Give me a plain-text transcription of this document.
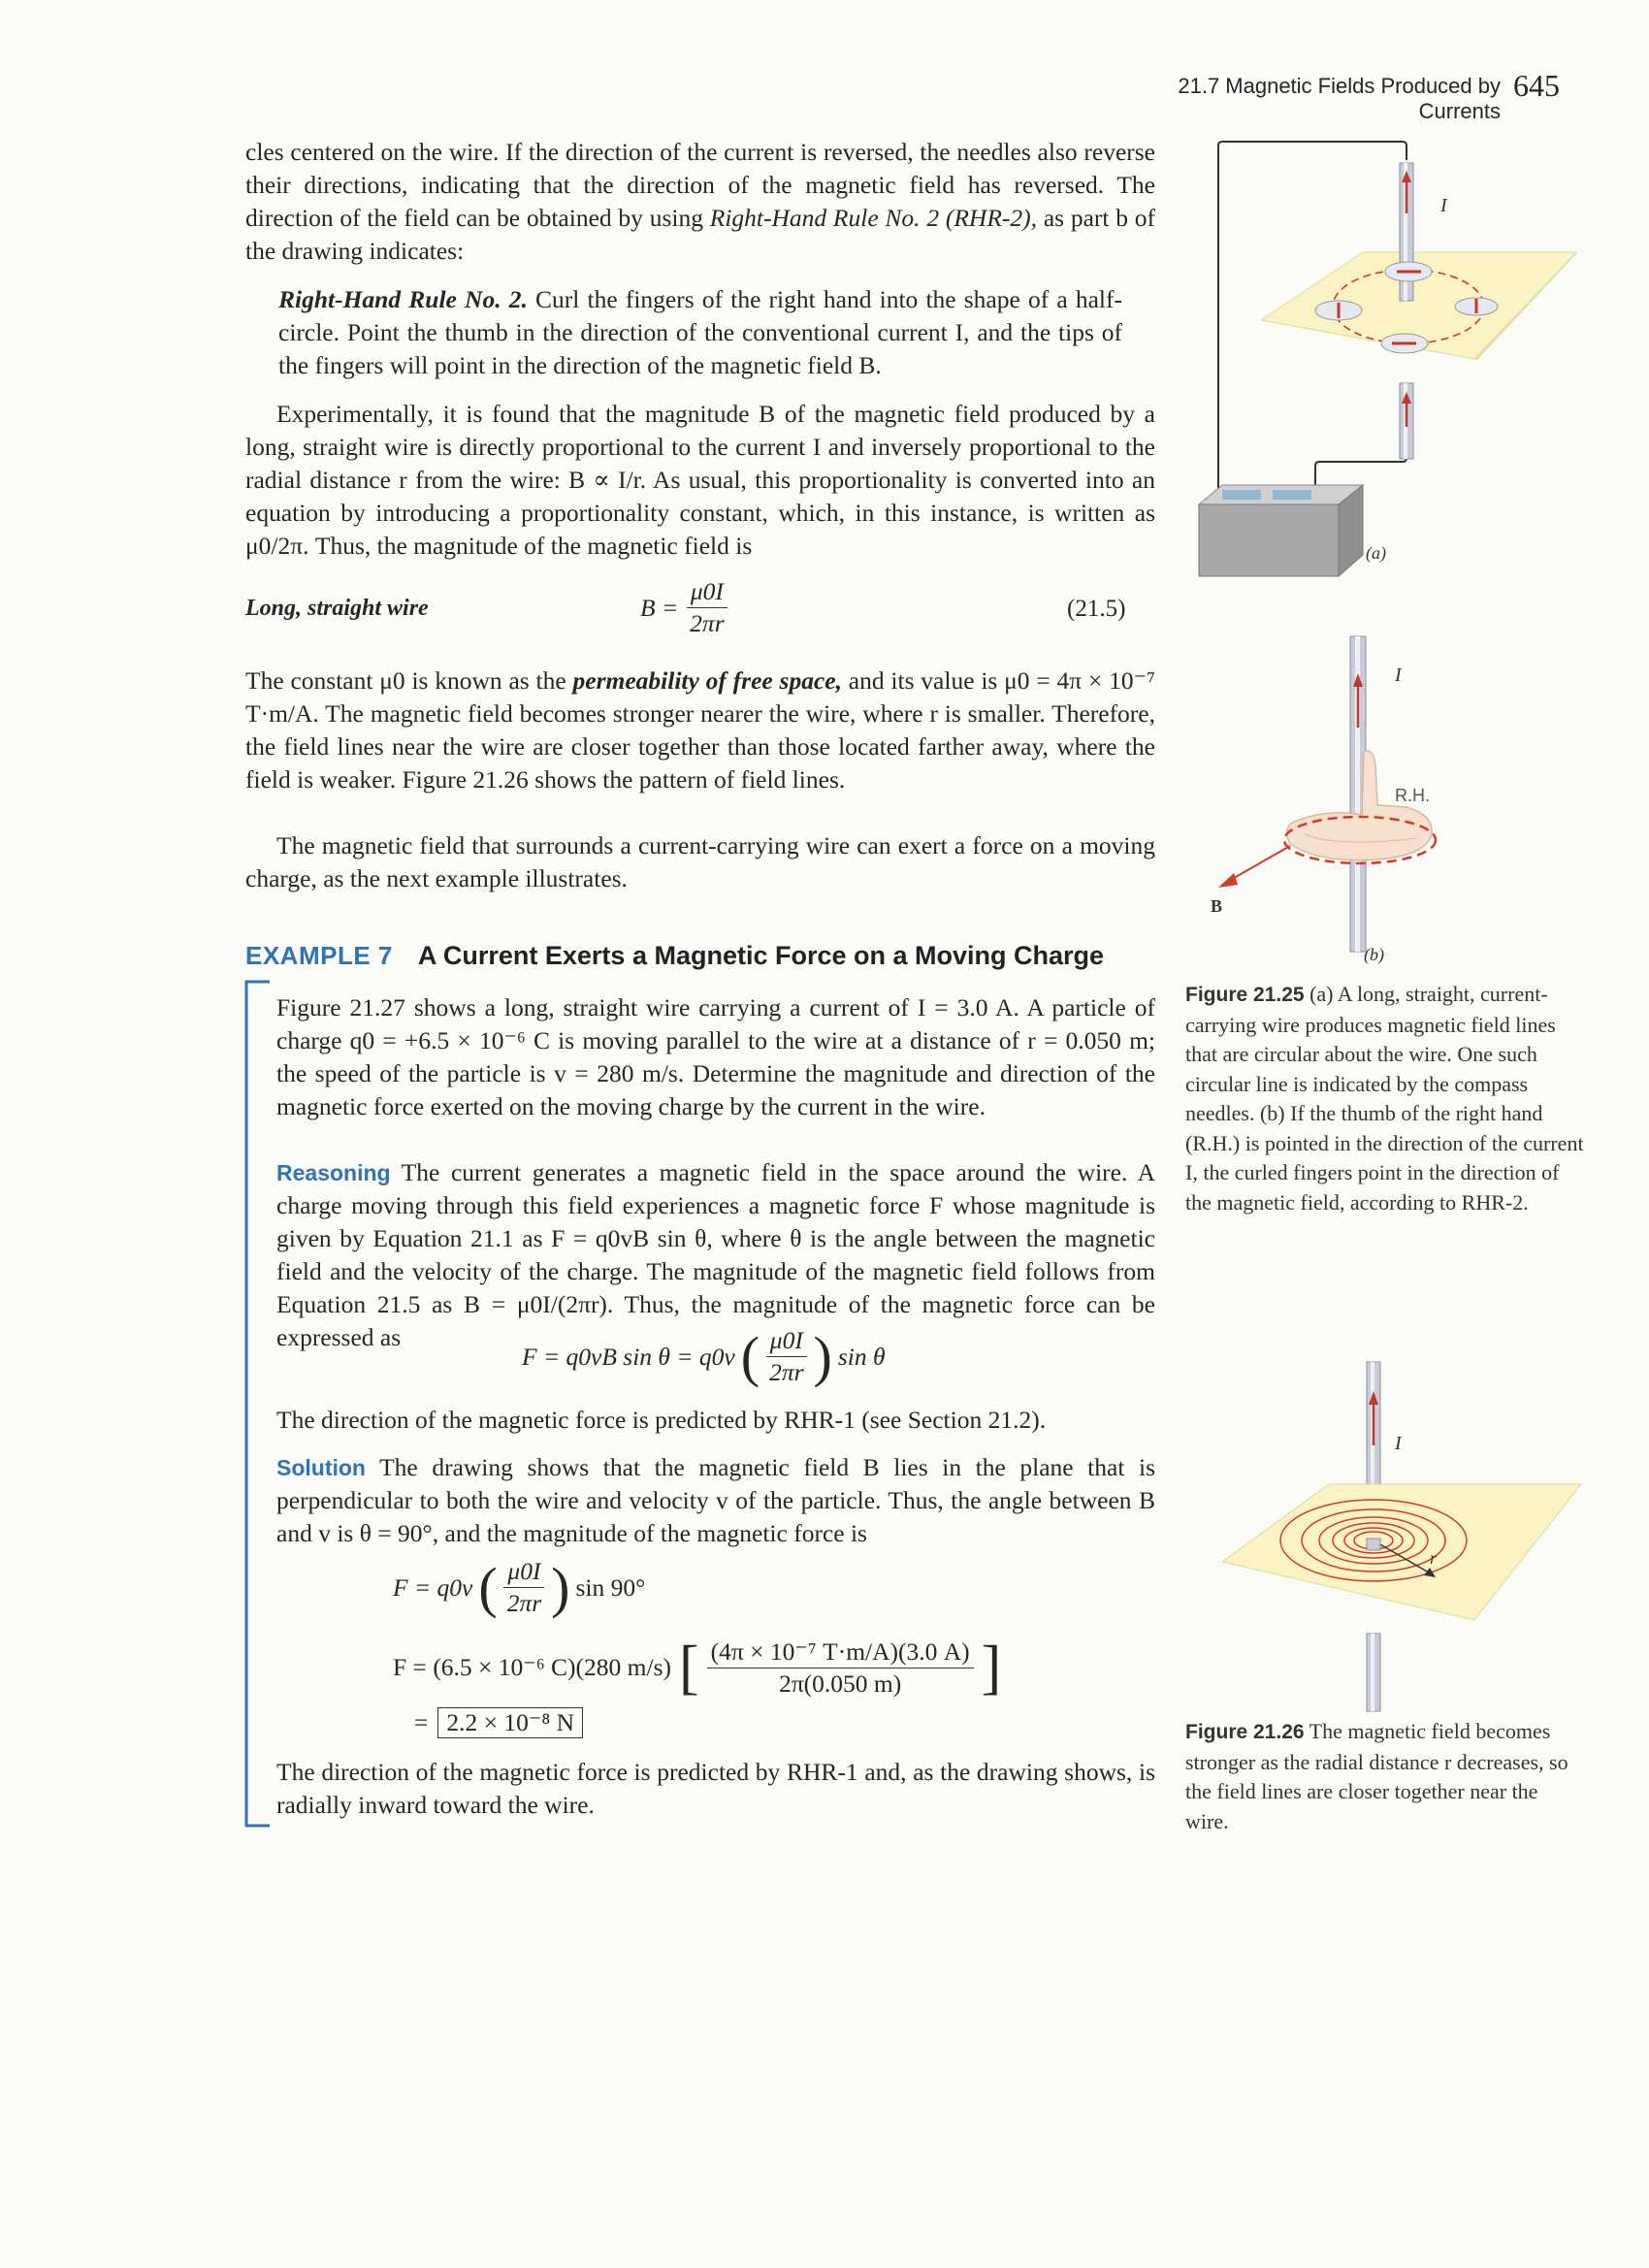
21.7 Magnetic Fields Produced by Currents
645
cles centered on the wire. If the direction of the current is reversed, the needles also reverse their directions, indicating that the direction of the magnetic field has reversed. The direction of the field can be obtained by using Right-Hand Rule No. 2 (RHR-2), as part b of the drawing indicates:
Right-Hand Rule No. 2. Curl the fingers of the right hand into the shape of a half-circle. Point the thumb in the direction of the conventional current I, and the tips of the fingers will point in the direction of the magnetic field B.
Experimentally, it is found that the magnitude B of the magnetic field produced by a long, straight wire is directly proportional to the current I and inversely proportional to the radial distance r from the wire: B ∝ I/r. As usual, this proportionality is converted into an equation by introducing a proportionality constant, which, in this instance, is written as μ0/2π. Thus, the magnitude of the magnetic field is
Long, straight wire	$B = \frac{\mu 0I}{2\pi r}$	(21.5)
The constant μ0 is known as the permeability of free space, and its value is μ0 = 4π × 10⁻⁷ T·m/A. The magnetic field becomes stronger nearer the wire, where r is smaller. Therefore, the field lines near the wire are closer together than those located farther away, where the field is weaker. Figure 21.26 shows the pattern of field lines.
The magnetic field that surrounds a current-carrying wire can exert a force on a moving charge, as the next example illustrates.
EXAMPLE 7 A Current Exerts a Magnetic Force on a Moving Charge
Figure 21.27 shows a long, straight wire carrying a current of I = 3.0 A. A particle of charge q0 = +6.5 × 10⁻⁶ C is moving parallel to the wire at a distance of r = 0.050 m; the speed of the particle is v = 280 m/s. Determine the magnitude and direction of the magnetic force exerted on the moving charge by the current in the wire.
Reasoning The current generates a magnetic field in the space around the wire. A charge moving through this field experiences a magnetic force F whose magnitude is given by Equation 21.1 as F = q0vB sin θ, where θ is the angle between the magnetic field and the velocity of the charge. The magnitude of the magnetic field follows from Equation 21.5 as B = μ0I/(2πr). Thus, the magnitude of the magnetic force can be expressed as
F = q0vB sin θ = q0v ( $\frac{\mu 0I}{2\pi r}$ ) sin θ
The direction of the magnetic force is predicted by RHR-1 (see Section 21.2).
Solution The drawing shows that the magnetic field B lies in the plane that is perpendicular to both the wire and velocity v of the particle. Thus, the angle between B and v is θ = 90°, and the magnitude of the magnetic force is
F = q0v ( $\frac{\mu 0I}{2\pi r}$ ) sin 90°
F = (6.5 × 10⁻⁶ C)(280 m/s) [ $\frac{\text{(4π × 10⁻⁷ T·m/A)(3.0 A)}}{2\pi(0.050 m)}$ ]
= 2.2 × 10⁻⁸ N
The direction of the magnetic force is predicted by RHR-1 and, as the drawing shows, is radially inward toward the wire.
I
(a)
B
I
R.H.
(b)
Figure 21.25 (a) A long, straight, current-carrying wire produces magnetic field lines that are circular about the wire. One such circular line is indicated by the compass needles. (b) If the thumb of the right hand (R.H.) is pointed in the direction of the current I, the curled fingers point in the direction of the magnetic field, according to RHR-2.
I
r
Figure 21.26 The magnetic field becomes stronger as the radial distance r decreases, so the field lines are closer together near the wire.
